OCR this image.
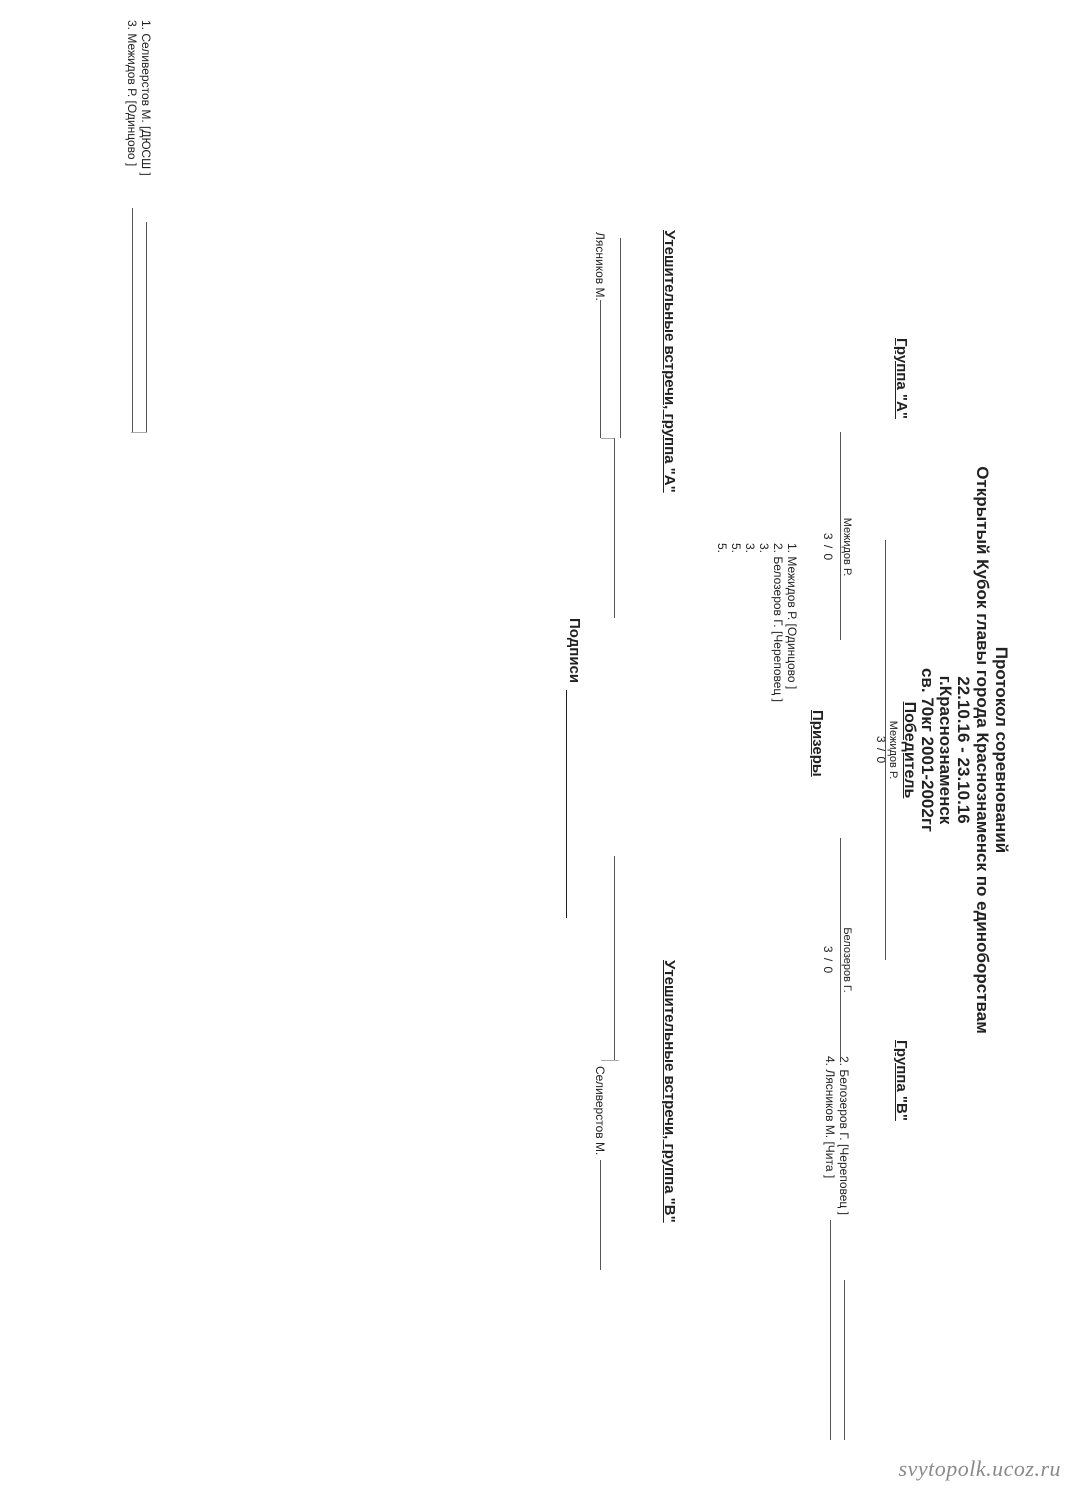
Протокол соревнований
Открытый Кубок главы города Краснознаменск по единоборствам
22.10.16 - 23.10.16
г.Краснознаменск
св. 70кг 2001-2002гг
Победитель
Межидов Р.
3 / 0
Группа "А"
1. Селиверстов М. [ДЮСШ ]
3. Межидов Р. [Одинцово ]
Межидов Р.
3 / 0
Группа "B"
2. Белозеров Г. [Череповец ]
4. Лясников М. [Чита ]
Белозеров Г.
3 / 0
Призеры
1. Межидов Р. [Одинцово ]
2. Белозеров Г. [Череповец ]
3.
3.
5.
5.
Утешительные встречи, группа "А"
Лясников М.
Утешительные встречи, группа "B"
Селиверстов М.
Подписи
svytopolk.ucoz.ru
